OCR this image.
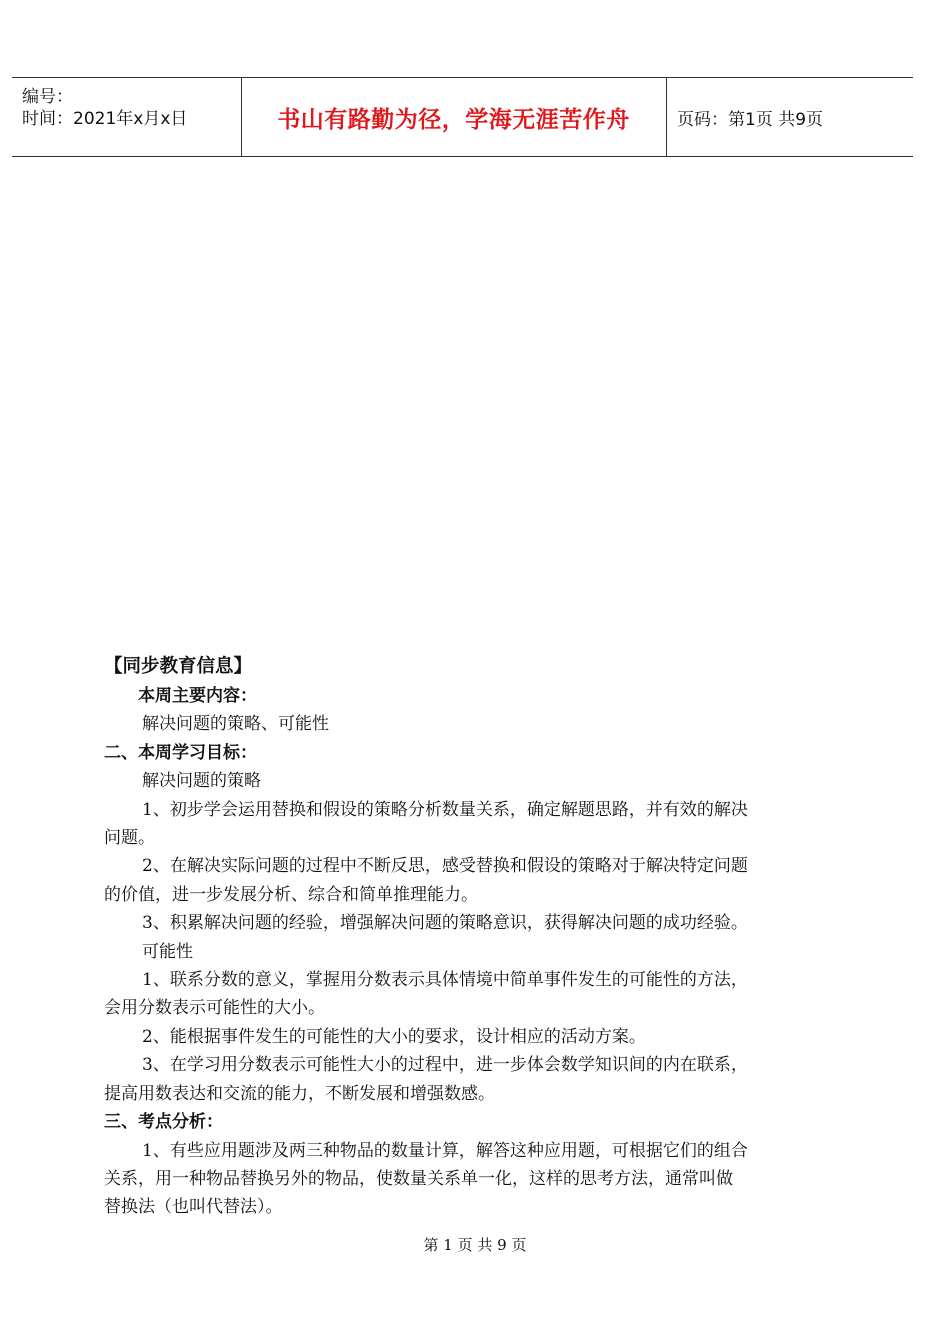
编号：
时间：2021年x月x日	书山有路勤为径，学海无涯苦作舟	页码：第1页 共9页
【同步教育信息】
本周主要内容：
解决问题的策略、可能性
二、本周学习目标：
解决问题的策略
1、初步学会运用替换和假设的策略分析数量关系，确定解题思路，并有效的解决
问题。
2、在解决实际问题的过程中不断反思，感受替换和假设的策略对于解决特定问题
的价值，进一步发展分析、综合和简单推理能力。
3、积累解决问题的经验，增强解决问题的策略意识，获得解决问题的成功经验。
可能性
1、联系分数的意义，掌握用分数表示具体情境中简单事件发生的可能性的方法，
会用分数表示可能性的大小。
2、能根据事件发生的可能性的大小的要求，设计相应的活动方案。
3、在学习用分数表示可能性大小的过程中，进一步体会数学知识间的内在联系，
提高用数表达和交流的能力，不断发展和增强数感。
三、考点分析：
1、有些应用题涉及两三种物品的数量计算，解答这种应用题，可根据它们的组合
关系，用一种物品替换另外的物品，使数量关系单一化，这样的思考方法，通常叫做
替换法（也叫代替法）。
第 1 页 共 9 页
